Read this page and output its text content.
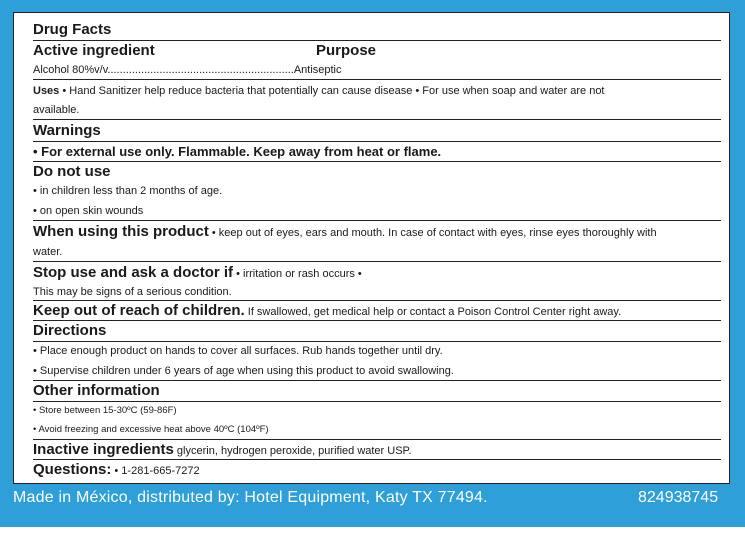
Drug Facts
Active ingredient	Purpose
Alcohol 80%v/v.............................................................Antiseptic
Uses • Hand Sanitizer help reduce bacteria that potentially can cause disease • For use when soap and water are not
available.
Warnings
• For external use only. Flammable. Keep away from heat or flame.
Do not use
• in children less than 2 months of age.
• on open skin wounds
When using this product • keep out of eyes, ears and mouth. In case of contact with eyes, rinse eyes thoroughly with
water.
Stop use and ask a doctor if • irritation or rash occurs •
This may be signs of a serious condition.
Keep out of reach of children. If swallowed, get medical help or contact a Poison Control Center right away.
Directions
• Place enough product on hands to cover all surfaces. Rub hands together until dry.
• Supervise children under 6 years of age when using this product to avoid swallowing.
Other information
• Store between 15-30ºC (59-86F)
• Avoid freezing and excessive heat above 40ºC (104ºF)
Inactive ingredients glycerin, hydrogen peroxide, purified water USP.
Questions: • 1-281-665-7272
Made in México, distributed by: Hotel Equipment, Katy TX 77494.	824938745
